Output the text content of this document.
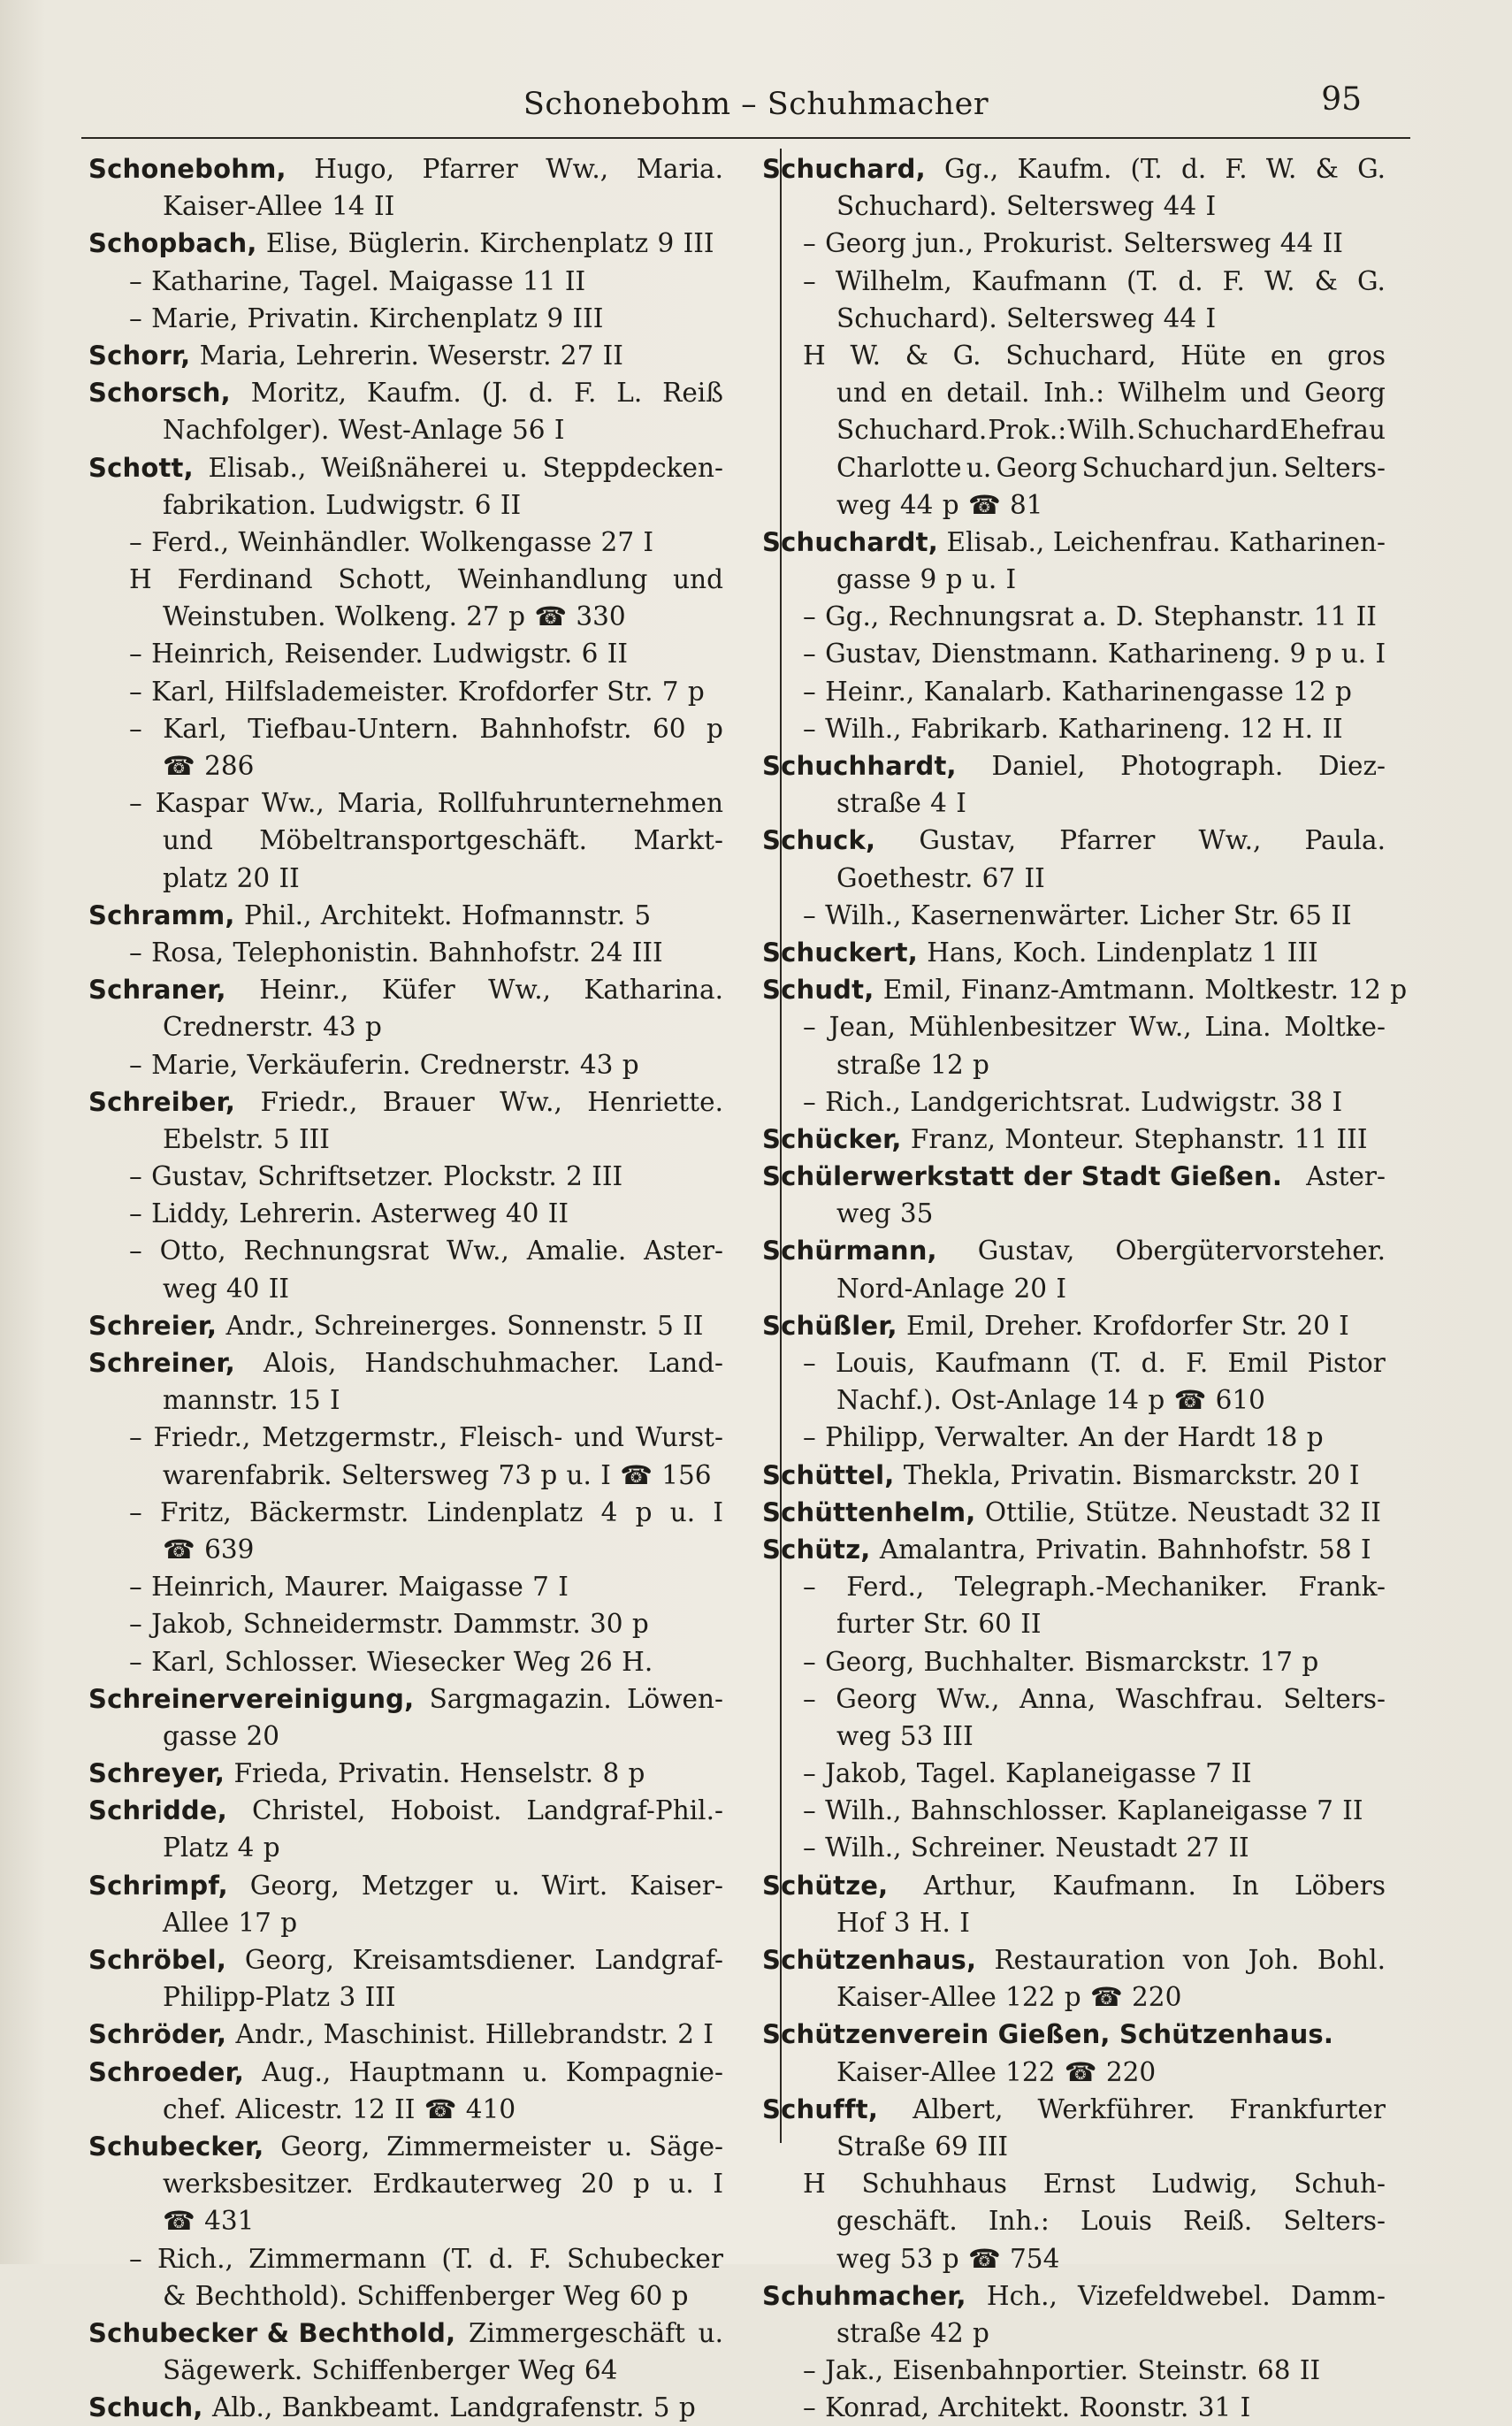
Schonebohm – Schuhmacher	95
Schonebohm, Hugo, Pfarrer Ww., Maria.
Kaiser-Allee 14 II
Schopbach, Elise, Büglerin. Kirchenplatz 9 III
– Katharine, Tagel. Maigasse 11 II
– Marie, Privatin. Kirchenplatz 9 III
Schorr, Maria, Lehrerin. Weserstr. 27 II
Schorsch, Moritz, Kaufm. (J. d. F. L. Reiß
Nachfolger). West-Anlage 56 I
Schott, Elisab., Weißnäherei u. Steppdecken-
fabrikation. Ludwigstr. 6 II
– Ferd., Weinhändler. Wolkengasse 27 I
H Ferdinand Schott, Weinhandlung und
Weinstuben. Wolkeng. 27 p ☎ 330
– Heinrich, Reisender. Ludwigstr. 6 II
– Karl, Hilfslademeister. Krofdorfer Str. 7 p
– Karl, Tiefbau-Untern. Bahnhofstr. 60 p
☎ 286
– Kaspar Ww., Maria, Rollfuhrunternehmen
und Möbeltransportgeschäft. Markt-
platz 20 II
Schramm, Phil., Architekt. Hofmannstr. 5
– Rosa, Telephonistin. Bahnhofstr. 24 III
Schraner, Heinr., Küfer Ww., Katharina.
Crednerstr. 43 p
– Marie, Verkäuferin. Crednerstr. 43 p
Schreiber, Friedr., Brauer Ww., Henriette.
Ebelstr. 5 III
– Gustav, Schriftsetzer. Plockstr. 2 III
– Liddy, Lehrerin. Asterweg 40 II
– Otto, Rechnungsrat Ww., Amalie. Aster-
weg 40 II
Schreier, Andr., Schreinerges. Sonnenstr. 5 II
Schreiner, Alois, Handschuhmacher. Land-
mannstr. 15 I
– Friedr., Metzgermstr., Fleisch- und Wurst-
warenfabrik. Seltersweg 73 p u. I ☎ 156
– Fritz, Bäckermstr. Lindenplatz 4 p u. I
☎ 639
– Heinrich, Maurer. Maigasse 7 I
– Jakob, Schneidermstr. Dammstr. 30 p
– Karl, Schlosser. Wiesecker Weg 26 H.
Schreinervereinigung, Sargmagazin. Löwen-
gasse 20
Schreyer, Frieda, Privatin. Henselstr. 8 p
Schridde, Christel, Hoboist. Landgraf-Phil.-
Platz 4 p
Schrimpf, Georg, Metzger u. Wirt. Kaiser-
Allee 17 p
Schröbel, Georg, Kreisamtsdiener. Landgraf-
Philipp-Platz 3 III
Schröder, Andr., Maschinist. Hillebrandstr. 2 I
Schroeder, Aug., Hauptmann u. Kompagnie-
chef. Alicestr. 12 II ☎ 410
Schubecker, Georg, Zimmermeister u. Säge-
werksbesitzer. Erdkauterweg 20 p u. I
☎ 431
– Rich., Zimmermann (T. d. F. Schubecker
& Bechthold). Schiffenberger Weg 60 p
Schubecker & Bechthold, Zimmergeschäft u.
Sägewerk. Schiffenberger Weg 64
Schuch, Alb., Bankbeamt. Landgrafenstr. 5 p
Schuchard, Gg., Kaufm. (T. d. F. W. & G.
Schuchard). Seltersweg 44 I
– Georg jun., Prokurist. Seltersweg 44 II
– Wilhelm, Kaufmann (T. d. F. W. & G.
Schuchard). Seltersweg 44 I
H W. & G. Schuchard, Hüte en gros
und en detail. Inh.: Wilhelm und Georg
Schuchard. Prok.: Wilh. Schuchard Ehefrau
Charlotte u. Georg Schuchard jun. Selters-
weg 44 p ☎ 81
Schuchardt, Elisab., Leichenfrau. Katharinen-
gasse 9 p u. I
– Gg., Rechnungsrat a. D. Stephanstr. 11 II
– Gustav, Dienstmann. Katharineng. 9 p u. I
– Heinr., Kanalarb. Katharinengasse 12 p
– Wilh., Fabrikarb. Katharineng. 12 H. II
Schuchhardt, Daniel, Photograph. Diez-
straße 4 I
Schuck, Gustav, Pfarrer Ww., Paula.
Goethestr. 67 II
– Wilh., Kasernenwärter. Licher Str. 65 II
Schuckert, Hans, Koch. Lindenplatz 1 III
Schudt, Emil, Finanz-Amtmann. Moltkestr. 12 p
– Jean, Mühlenbesitzer Ww., Lina. Moltke-
straße 12 p
– Rich., Landgerichtsrat. Ludwigstr. 38 I
Schücker, Franz, Monteur. Stephanstr. 11 III
Schülerwerkstatt der Stadt Gießen. Aster-
weg 35
Schürmann, Gustav, Obergütervorsteher.
Nord-Anlage 20 I
Schüßler, Emil, Dreher. Krofdorfer Str. 20 I
– Louis, Kaufmann (T. d. F. Emil Pistor
Nachf.). Ost-Anlage 14 p ☎ 610
– Philipp, Verwalter. An der Hardt 18 p
Schüttel, Thekla, Privatin. Bismarckstr. 20 I
Schüttenhelm, Ottilie, Stütze. Neustadt 32 II
Schütz, Amalantra, Privatin. Bahnhofstr. 58 I
– Ferd., Telegraph.-Mechaniker. Frank-
furter Str. 60 II
– Georg, Buchhalter. Bismarckstr. 17 p
– Georg Ww., Anna, Waschfrau. Selters-
weg 53 III
– Jakob, Tagel. Kaplaneigasse 7 II
– Wilh., Bahnschlosser. Kaplaneigasse 7 II
– Wilh., Schreiner. Neustadt 27 II
Schütze, Arthur, Kaufmann. In Löbers
Hof 3 H. I
Schützenhaus, Restauration von Joh. Bohl.
Kaiser-Allee 122 p ☎ 220
Schützenverein Gießen, Schützenhaus.
Kaiser-Allee 122 ☎ 220
Schufft, Albert, Werkführer. Frankfurter
Straße 69 III
H Schuhhaus Ernst Ludwig, Schuh-
geschäft. Inh.: Louis Reiß. Selters-
weg 53 p ☎ 754
Schuhmacher, Hch., Vizefeldwebel. Damm-
straße 42 p
– Jak., Eisenbahnportier. Steinstr. 68 II
– Konrad, Architekt. Roonstr. 31 I
